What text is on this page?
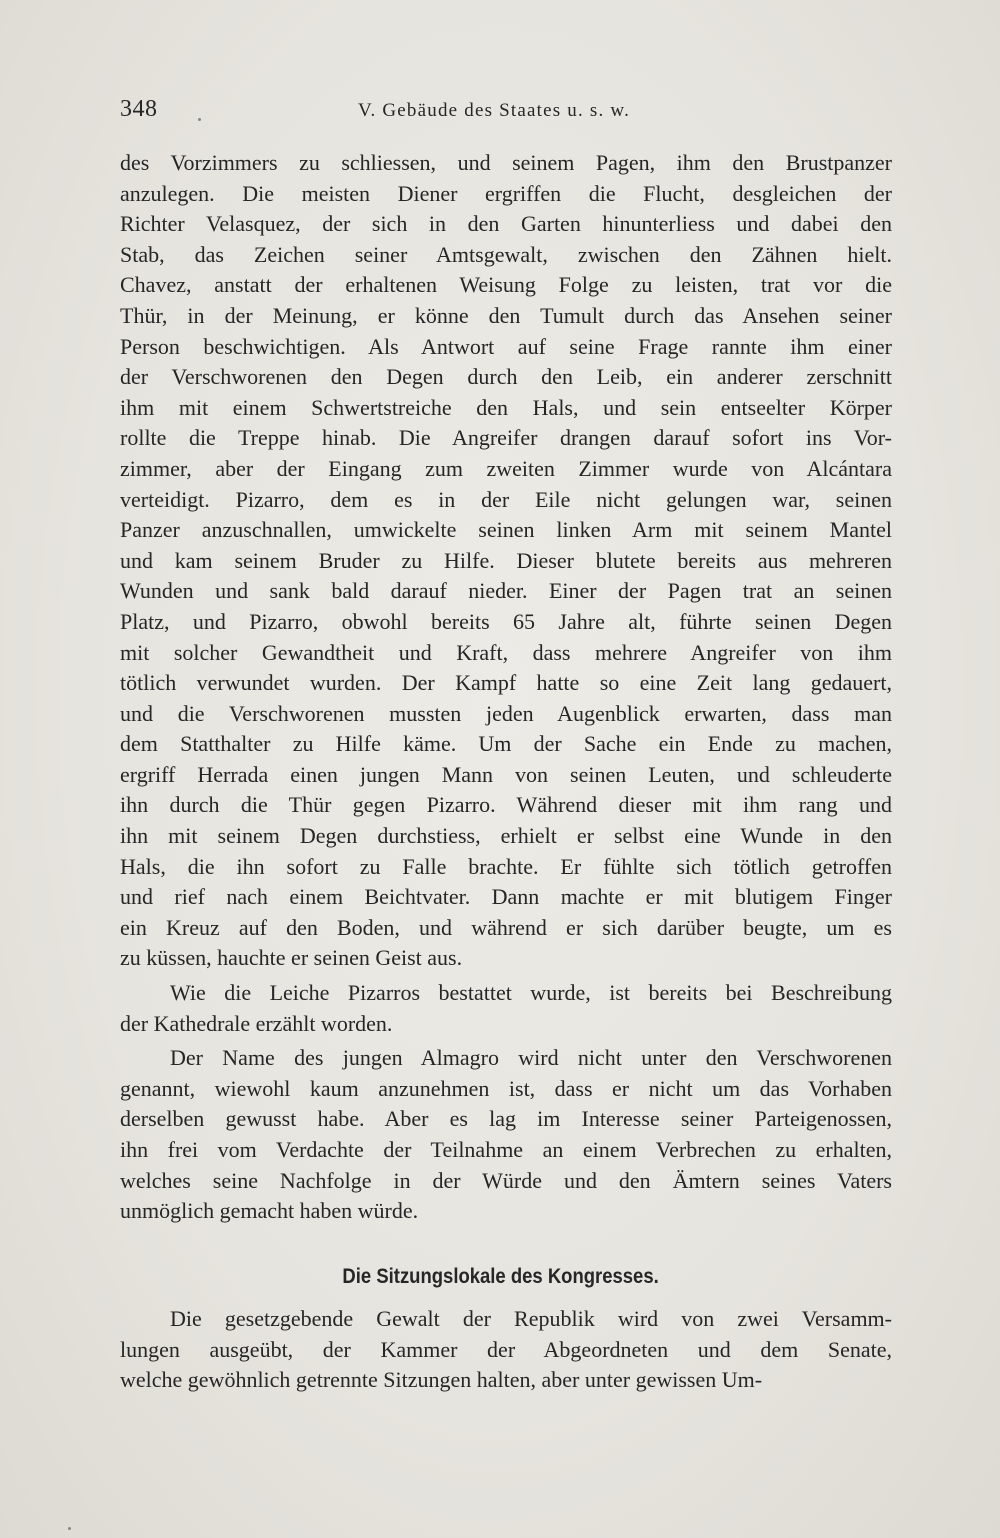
348	V. Gebäude des Staates u. s. w.
des Vorzimmers zu schliessen, und seinem Pagen, ihm den Brustpanzer
anzulegen. Die meisten Diener ergriffen die Flucht, desgleichen der
Richter Velasquez, der sich in den Garten hinunterliess und dabei den
Stab, das Zeichen seiner Amtsgewalt, zwischen den Zähnen hielt.
Chavez, anstatt der erhaltenen Weisung Folge zu leisten, trat vor die
Thür, in der Meinung, er könne den Tumult durch das Ansehen seiner
Person beschwichtigen. Als Antwort auf seine Frage rannte ihm einer
der Verschworenen den Degen durch den Leib, ein anderer zerschnitt
ihm mit einem Schwertstreiche den Hals, und sein entseelter Körper
rollte die Treppe hinab. Die Angreifer drangen darauf sofort ins Vor-
zimmer, aber der Eingang zum zweiten Zimmer wurde von Alcántara
verteidigt. Pizarro, dem es in der Eile nicht gelungen war, seinen
Panzer anzuschnallen, umwickelte seinen linken Arm mit seinem Mantel
und kam seinem Bruder zu Hilfe. Dieser blutete bereits aus mehreren
Wunden und sank bald darauf nieder. Einer der Pagen trat an seinen
Platz, und Pizarro, obwohl bereits 65 Jahre alt, führte seinen Degen
mit solcher Gewandtheit und Kraft, dass mehrere Angreifer von ihm
tötlich verwundet wurden. Der Kampf hatte so eine Zeit lang gedauert,
und die Verschworenen mussten jeden Augenblick erwarten, dass man
dem Statthalter zu Hilfe käme. Um der Sache ein Ende zu machen,
ergriff Herrada einen jungen Mann von seinen Leuten, und schleuderte
ihn durch die Thür gegen Pizarro. Während dieser mit ihm rang und
ihn mit seinem Degen durchstiess, erhielt er selbst eine Wunde in den
Hals, die ihn sofort zu Falle brachte. Er fühlte sich tötlich getroffen
und rief nach einem Beichtvater. Dann machte er mit blutigem Finger
ein Kreuz auf den Boden, und während er sich darüber beugte, um es
zu küssen, hauchte er seinen Geist aus.
Wie die Leiche Pizarros bestattet wurde, ist bereits bei Beschreibung
der Kathedrale erzählt worden.
Der Name des jungen Almagro wird nicht unter den Verschworenen
genannt, wiewohl kaum anzunehmen ist, dass er nicht um das Vorhaben
derselben gewusst habe. Aber es lag im Interesse seiner Parteigenossen,
ihn frei vom Verdachte der Teilnahme an einem Verbrechen zu erhalten,
welches seine Nachfolge in der Würde und den Ämtern seines Vaters
unmöglich gemacht haben würde.
Die Sitzungslokale des Kongresses.
Die gesetzgebende Gewalt der Republik wird von zwei Versamm-
lungen ausgeübt, der Kammer der Abgeordneten und dem Senate,
welche gewöhnlich getrennte Sitzungen halten, aber unter gewissen Um-
